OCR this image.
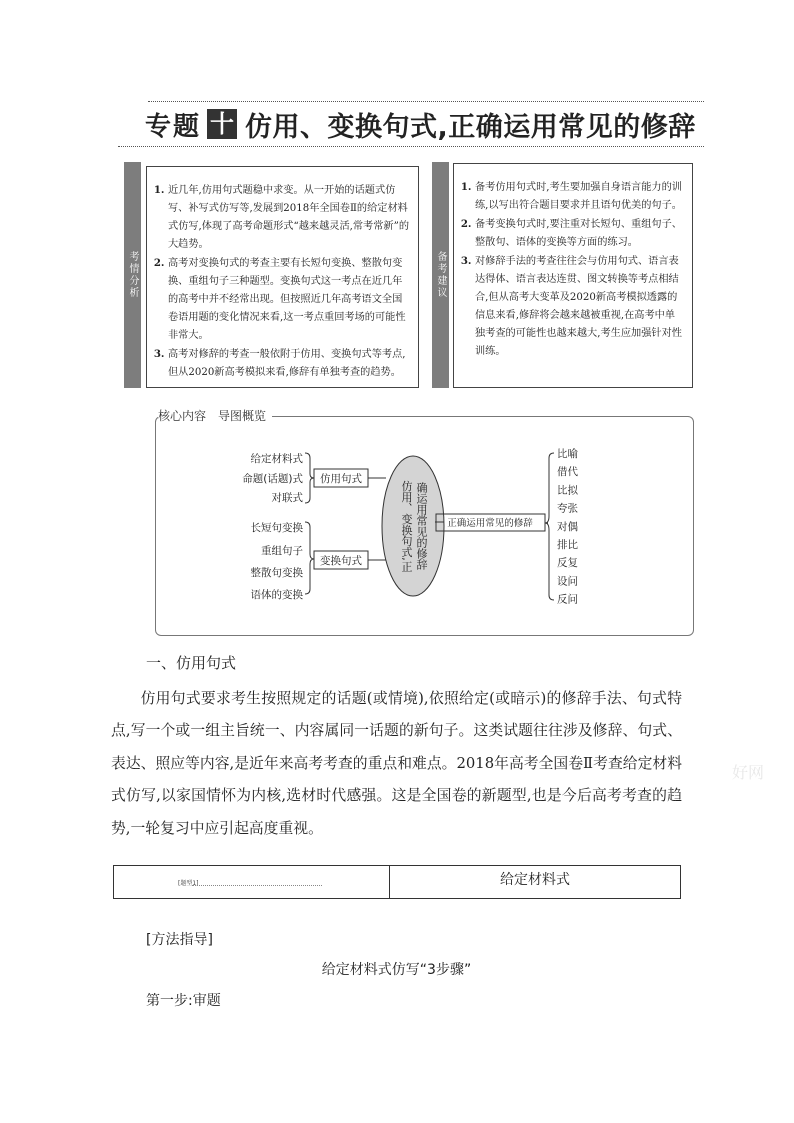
专题 十 仿用、变换句式,正确运用常见的修辞
考情分析
1. 近几年,仿用句式题稳中求变。从一开始的话题式仿写、补写式仿写等,发展到2018年全国卷Ⅱ的给定材料式仿写,体现了高考命题形式“越来越灵活,常考常新”的大趋势。
2. 高考对变换句式的考查主要有长短句变换、整散句变换、重组句子三种题型。变换句式这一考点在近几年的高考中并不经常出现。但按照近几年高考语文全国卷语用题的变化情况来看,这一考点重回考场的可能性非常大。
3. 高考对修辞的考查一般依附于仿用、变换句式等考点,但从2020新高考模拟来看,修辞有单独考查的趋势。
备考建议
1. 备考仿用句式时,考生要加强自身语言能力的训练,以写出符合题目要求并且语句优美的句子。
2. 备考变换句式时,要注重对长短句、重组句子、整散句、语体的变换等方面的练习。
3. 对修辞手法的考查往往会与仿用句式、语言表达得体、语言表达连贯、图文转换等考点相结合,但从高考大变革及2020新高考模拟透露的信息来看,修辞将会越来越被重视,在高考中单独考查的可能性也越来越大,考生应加强针对性训练。
核心内容　导图概览
给定材料式
命题(话题)式
对联式
仿用句式
长短句变换
重组句子
整散句变换
语体的变换
变换句式	确运用常见的修辞
仿用、变换句式,正	正确运用常见的修辞
比喻
借代
比拟
夸张
对偶
排比
反复
设问
反问
一、仿用句式
仿用句式要求考生按照规定的话题(或情境),依照给定(或暗示)的修辞手法、句式特点,写一个或一组主旨统一、内容属同一话题的新句子。这类试题往往涉及修辞、句式、表达、照应等内容,是近年来高考考查的重点和难点。2018年高考全国卷Ⅱ考查给定材料式仿写,以家国情怀为内核,选材时代感强。这是全国卷的新题型,也是今后高考考查的趋势,一轮复习中应引起高度重视。
好网
[题型1]	给定材料式
[方法指导]
给定材料式仿写“3步骤”
第一步:审题
